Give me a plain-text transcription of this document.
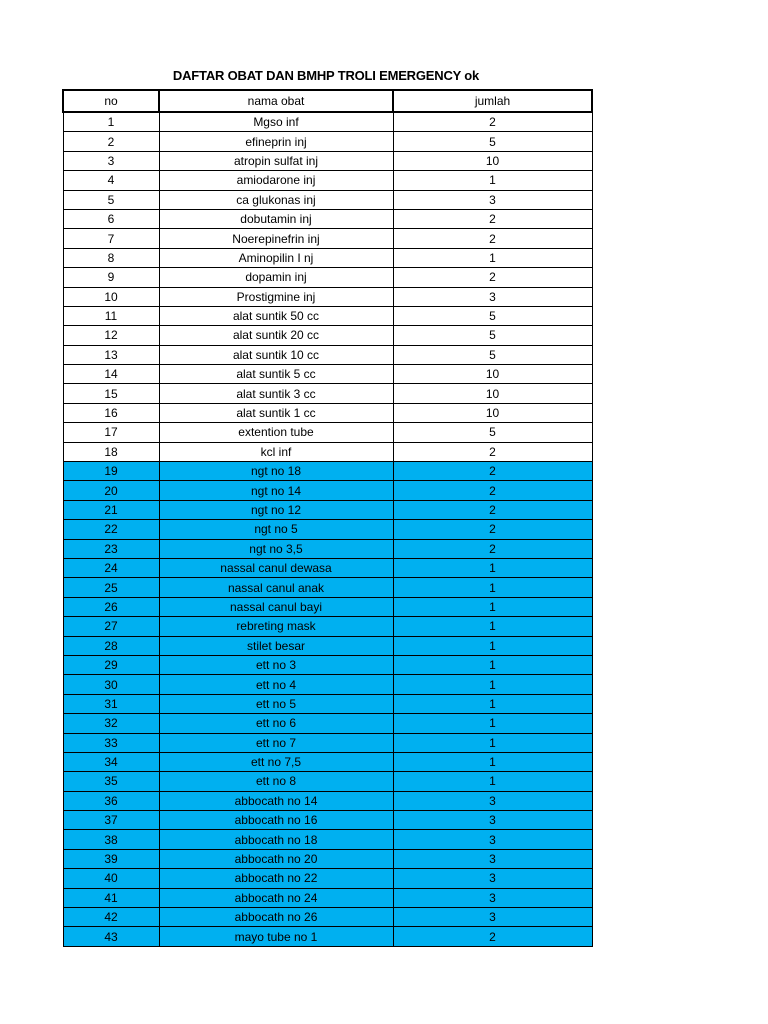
DAFTAR OBAT DAN BMHP TROLI EMERGENCY ok
no	nama obat	jumlah
1	Mgso inf	2
2	efineprin inj	5
3	atropin sulfat inj	10
4	amiodarone inj	1
5	ca glukonas inj	3
6	dobutamin inj	2
7	Noerepinefrin inj	2
8	Aminopilin I nj	1
9	dopamin inj	2
10	Prostigmine inj	3
11	alat suntik 50 cc	5
12	alat suntik 20 cc	5
13	alat suntik 10 cc	5
14	alat suntik 5 cc	10
15	alat suntik 3 cc	10
16	alat suntik 1 cc	10
17	extention tube	5
18	kcl inf	2
19	ngt no 18	2
20	ngt no 14	2
21	ngt no 12	2
22	ngt no 5	2
23	ngt no 3,5	2
24	nassal canul dewasa	1
25	nassal canul anak	1
26	nassal canul bayi	1
27	rebreting mask	1
28	stilet besar	1
29	ett no 3	1
30	ett no 4	1
31	ett no 5	1
32	ett no 6	1
33	ett no 7	1
34	ett no 7,5	1
35	ett no 8	1
36	abbocath no 14	3
37	abbocath no 16	3
38	abbocath no 18	3
39	abbocath no 20	3
40	abbocath no 22	3
41	abbocath no 24	3
42	abbocath no 26	3
43	mayo tube no 1	2
